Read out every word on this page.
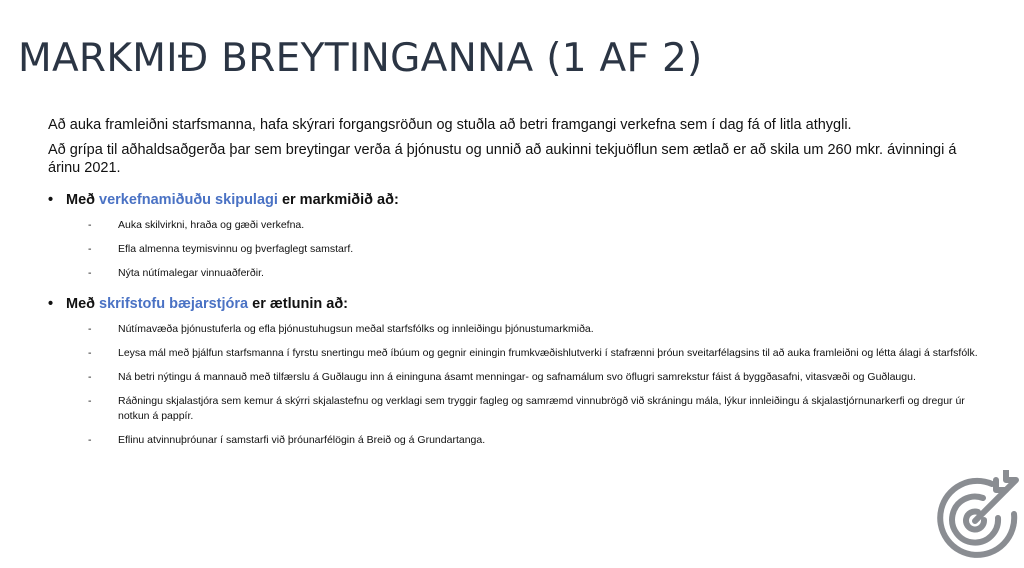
MARKMIÐ BREYTINGANNA (1 AF 2)

Að auka framleiðni starfsmanna, hafa skýrari forgangsröðun og stuðla að betri framgangi verkefna sem í dag fá of litla athygli.

Að grípa til aðhaldsaðgerða þar sem breytingar verða á þjónustu og unnið að aukinni tekjuöflun sem ætlað er að skila um 260 mkr. ávinningi á árinu 2021.

• Með verkefnamiðuðu skipulagi er markmiðið að:
-	Auka skilvirkni, hraða og gæði verkefna.
-	Efla almenna teymisvinnu og þverfaglegt samstarf.
-	Nýta nútímalegar vinnuaðferðir.
• Með skrifstofu bæjarstjóra er ætlunin að:
-	Nútímavæða þjónustuferla og efla þjónustuhugsun meðal starfsfólks og innleiðingu þjónustumarkmiða.
-	Leysa mál með þjálfun starfsmanna í fyrstu snertingu með íbúum og gegnir einingin frumkvæðishlutverki í stafrænni þróun sveitarfélagsins til að auka framleiðni og létta álagi á starfsfólk.
-	Ná betri nýtingu á mannauð með tilfærslu á Guðlaugu inn á eininguna ásamt menningar- og safnamálum svo öflugri samrekstur fáist á byggðasafni, vitasvæði og Guðlaugu.
-	Ráðningu skjalastjóra sem kemur á skýrri skjalastefnu og verklagi sem tryggir fagleg og samræmd vinnubrögð við skráningu mála, lýkur innleiðingu á skjalastjórnunarkerfi og dregur úr notkun á pappír.
-	Eflinu atvinnuþróunar í samstarfi við þróunarfélögin á Breið og á Grundartanga.
